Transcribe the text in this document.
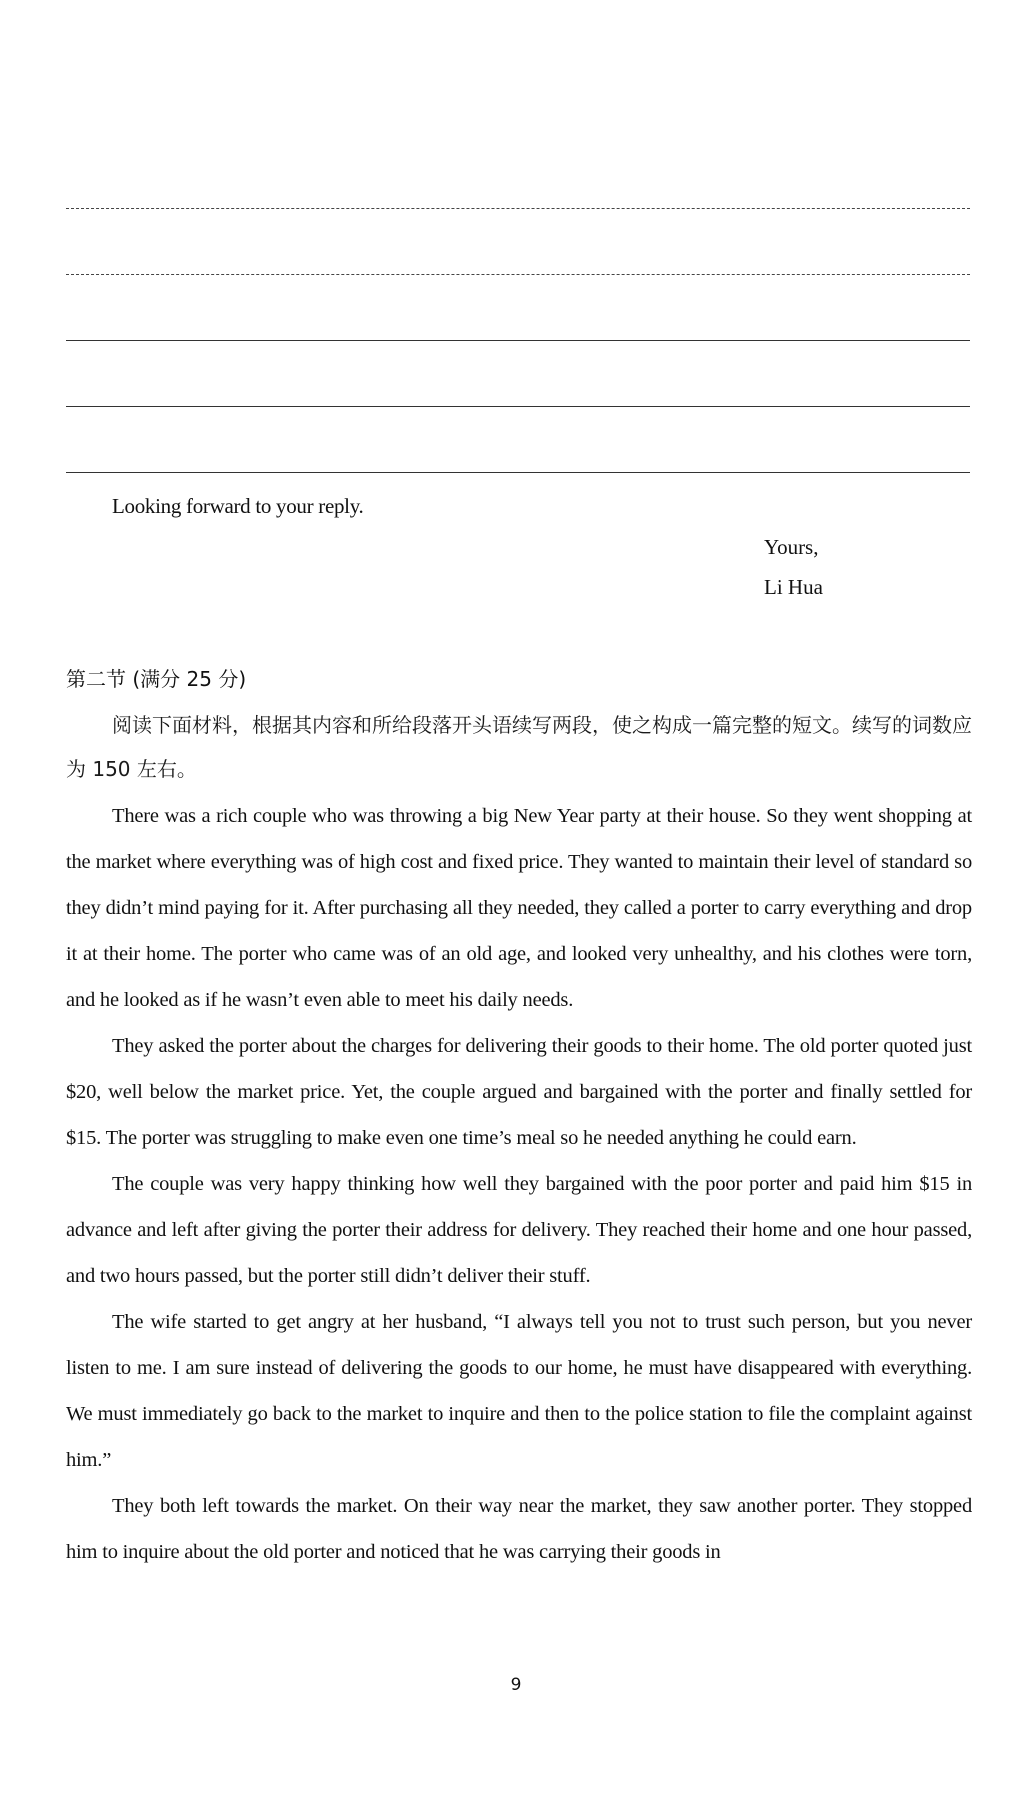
Looking forward to your reply.
Yours,
Li Hua
第二节 (满分 25 分)
阅读下面材料，根据其内容和所给段落开头语续写两段，使之构成一篇完整的短文。续写的词数应为 150 左右。

There was a rich couple who was throwing a big New Year party at their house. So they went shopping at the market where everything was of high cost and fixed price. They wanted to maintain their level of standard so they didn’t mind paying for it. After purchasing all they needed, they called a porter to carry everything and drop it at their home. The porter who came was of an old age, and looked very unhealthy, and his clothes were torn, and he looked as if he wasn’t even able to meet his daily needs.

They asked the porter about the charges for delivering their goods to their home. The old porter quoted just $20, well below the market price. Yet, the couple argued and bargained with the porter and finally settled for $15. The porter was struggling to make even one time’s meal so he needed anything he could earn.

The couple was very happy thinking how well they bargained with the poor porter and paid him $15 in advance and left after giving the porter their address for delivery. They reached their home and one hour passed, and two hours passed, but the porter still didn’t deliver their stuff.

The wife started to get angry at her husband, “I always tell you not to trust such person, but you never listen to me. I am sure instead of delivering the goods to our home, he must have disappeared with everything. We must immediately go back to the market to inquire and then to the police station to file the complaint against him.”

They both left towards the market. On their way near the market, they saw another porter. They stopped him to inquire about the old porter and noticed that he was carrying their goods in

9
